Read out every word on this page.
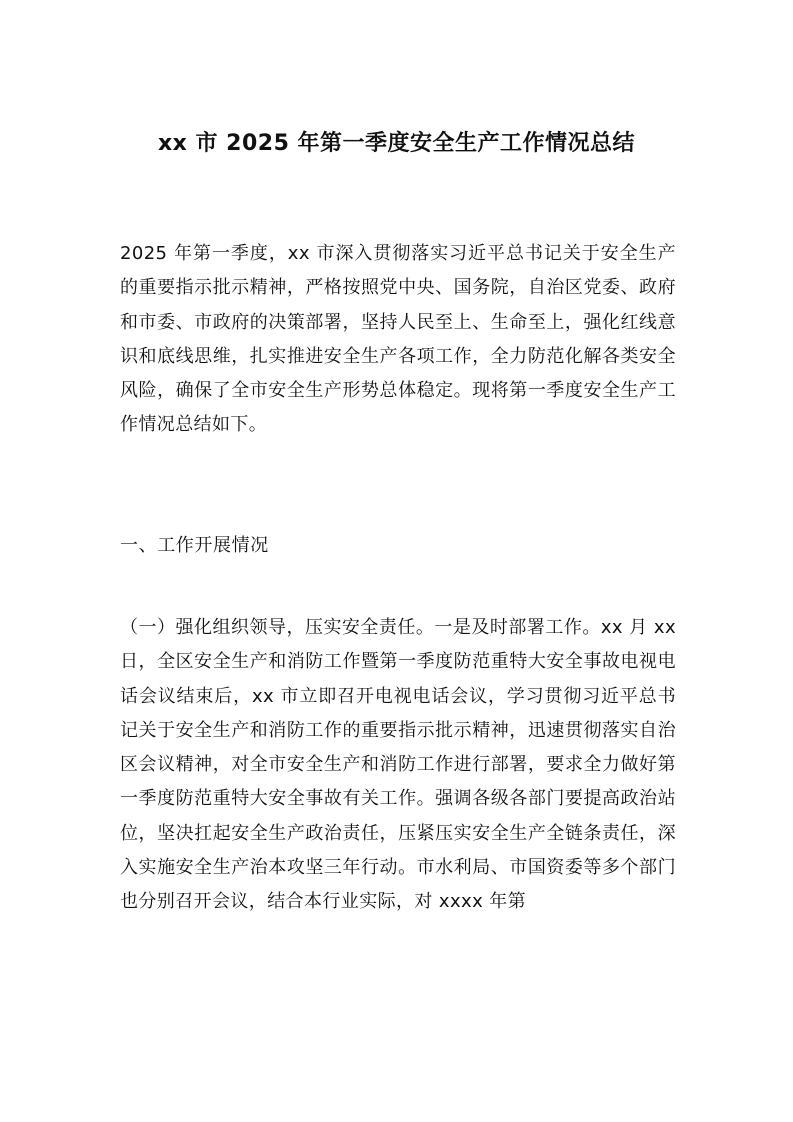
xx 市 2025 年第一季度安全生产工作情况总结

2025 年第一季度，xx 市深入贯彻落实习近平总书记关于安全生产的重要指示批示精神，严格按照党中央、国务院，自治区党委、政府和市委、市政府的决策部署，坚持人民至上、生命至上，强化红线意识和底线思维，扎实推进安全生产各项工作，全力防范化解各类安全风险，确保了全市安全生产形势总体稳定。现将第一季度安全生产工作情况总结如下。

一、工作开展情况

（一）强化组织领导，压实安全责任。一是及时部署工作。xx 月 xx 日，全区安全生产和消防工作暨第一季度防范重特大安全事故电视电话会议结束后，xx 市立即召开电视电话会议，学习贯彻习近平总书记关于安全生产和消防工作的重要指示批示精神，迅速贯彻落实自治区会议精神，对全市安全生产和消防工作进行部署，要求全力做好第一季度防范重特大安全事故有关工作。强调各级各部门要提高政治站位，坚决扛起安全生产政治责任，压紧压实安全生产全链条责任，深入实施安全生产治本攻坚三年行动。市水利局、市国资委等多个部门也分别召开会议，结合本行业实际，对 xxxx 年第
